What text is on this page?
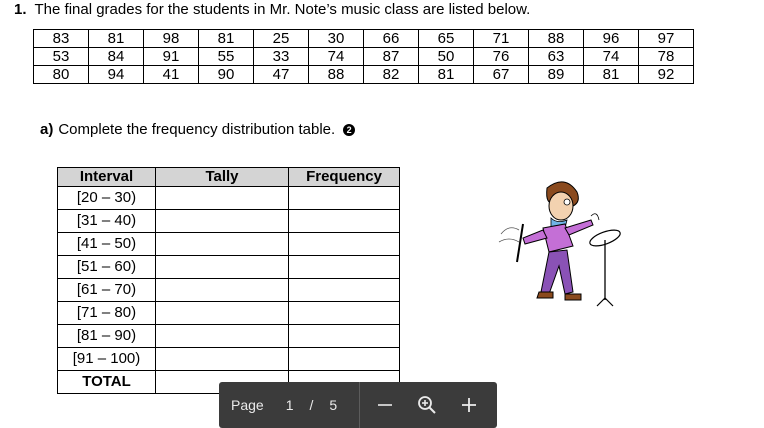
1. The final grades for the students in Mr. Note’s music class are listed below.
83	81	98	81	25	30	66	65	71	88	96	97
53	84	91	55	33	74	87	50	76	63	74	78
80	94	41	90	47	88	82	81	67	89	81	92
a) Complete the frequency distribution table. 2
Interval	Tally	Frequency
[20 – 30)		
[31 – 40)		
[41 – 50)		
[51 – 60)		
[61 – 70)		
[71 – 80)		
[81 – 90)		
[91 – 100)		
TOTAL		
Page 1 / 5
